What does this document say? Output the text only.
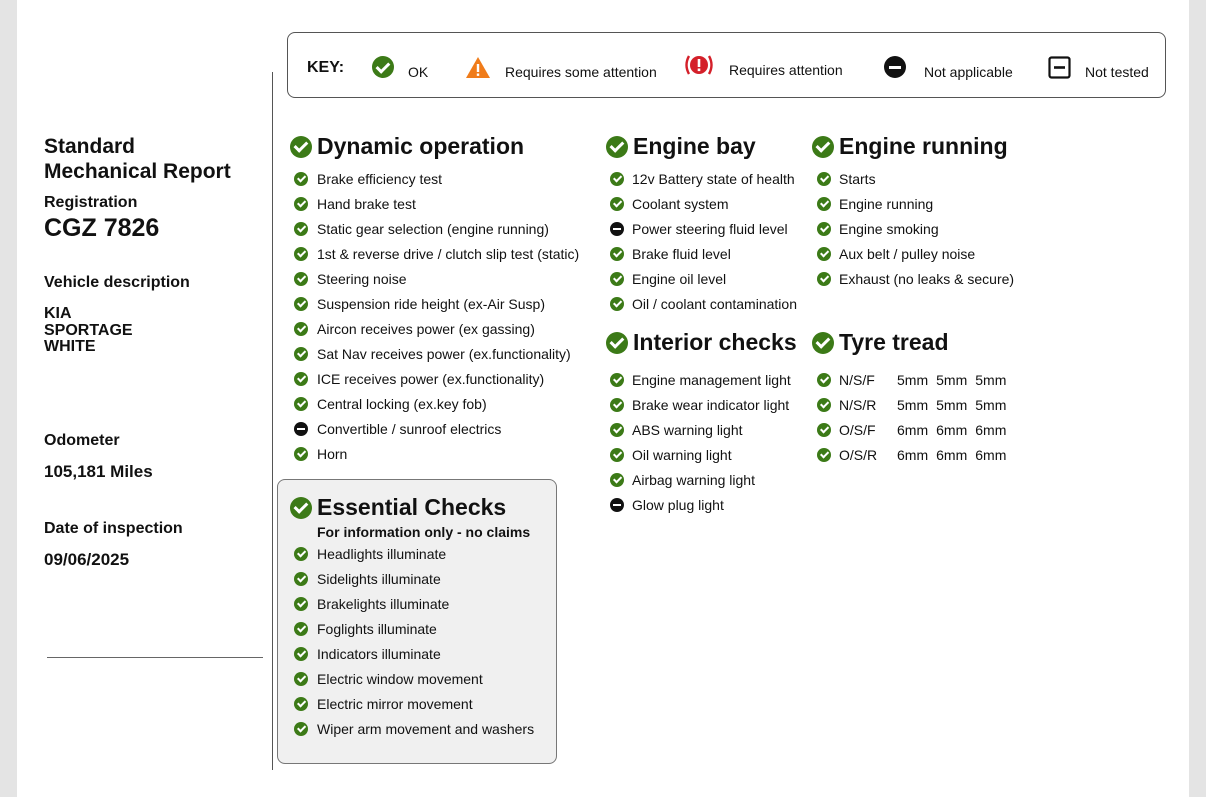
Standard
Mechanical Report
Registration
CGZ 7826
Vehicle description
KIA
SPORTAGE
WHITE
Odometer
105,181 Miles
Date of inspection
09/06/2025
KEY:	OK	Requires some attention	Requires attention	Not applicable	Not tested
Dynamic operation
Brake efficiency test
Hand brake test
Static gear selection (engine running)
1st & reverse drive / clutch slip test (static)
Steering noise
Suspension ride height (ex-Air Susp)
Aircon receives power (ex gassing)
Sat Nav receives power (ex.functionality)
ICE receives power (ex.functionality)
Central locking (ex.key fob)
Convertible / sunroof electrics
Horn
Essential Checks
For information only - no claims
Headlights illuminate
Sidelights illuminate
Brakelights illuminate
Foglights illuminate
Indicators illuminate
Electric window movement
Electric mirror movement
Wiper arm movement and washers
Engine bay
12v Battery state of health
Coolant system
Power steering fluid level
Brake fluid level
Engine oil level
Oil / coolant contamination
Interior checks
Engine management light
Brake wear indicator light
ABS warning light
Oil warning light
Airbag warning light
Glow plug light
Engine running
Starts
Engine running
Engine smoking
Aux belt / pulley noise
Exhaust (no leaks & secure)
Tyre tread
N/S/F 5mm 5mm 5mm
N/S/R 5mm 5mm 5mm
O/S/F 6mm 6mm 6mm
O/S/R 6mm 6mm 6mm
